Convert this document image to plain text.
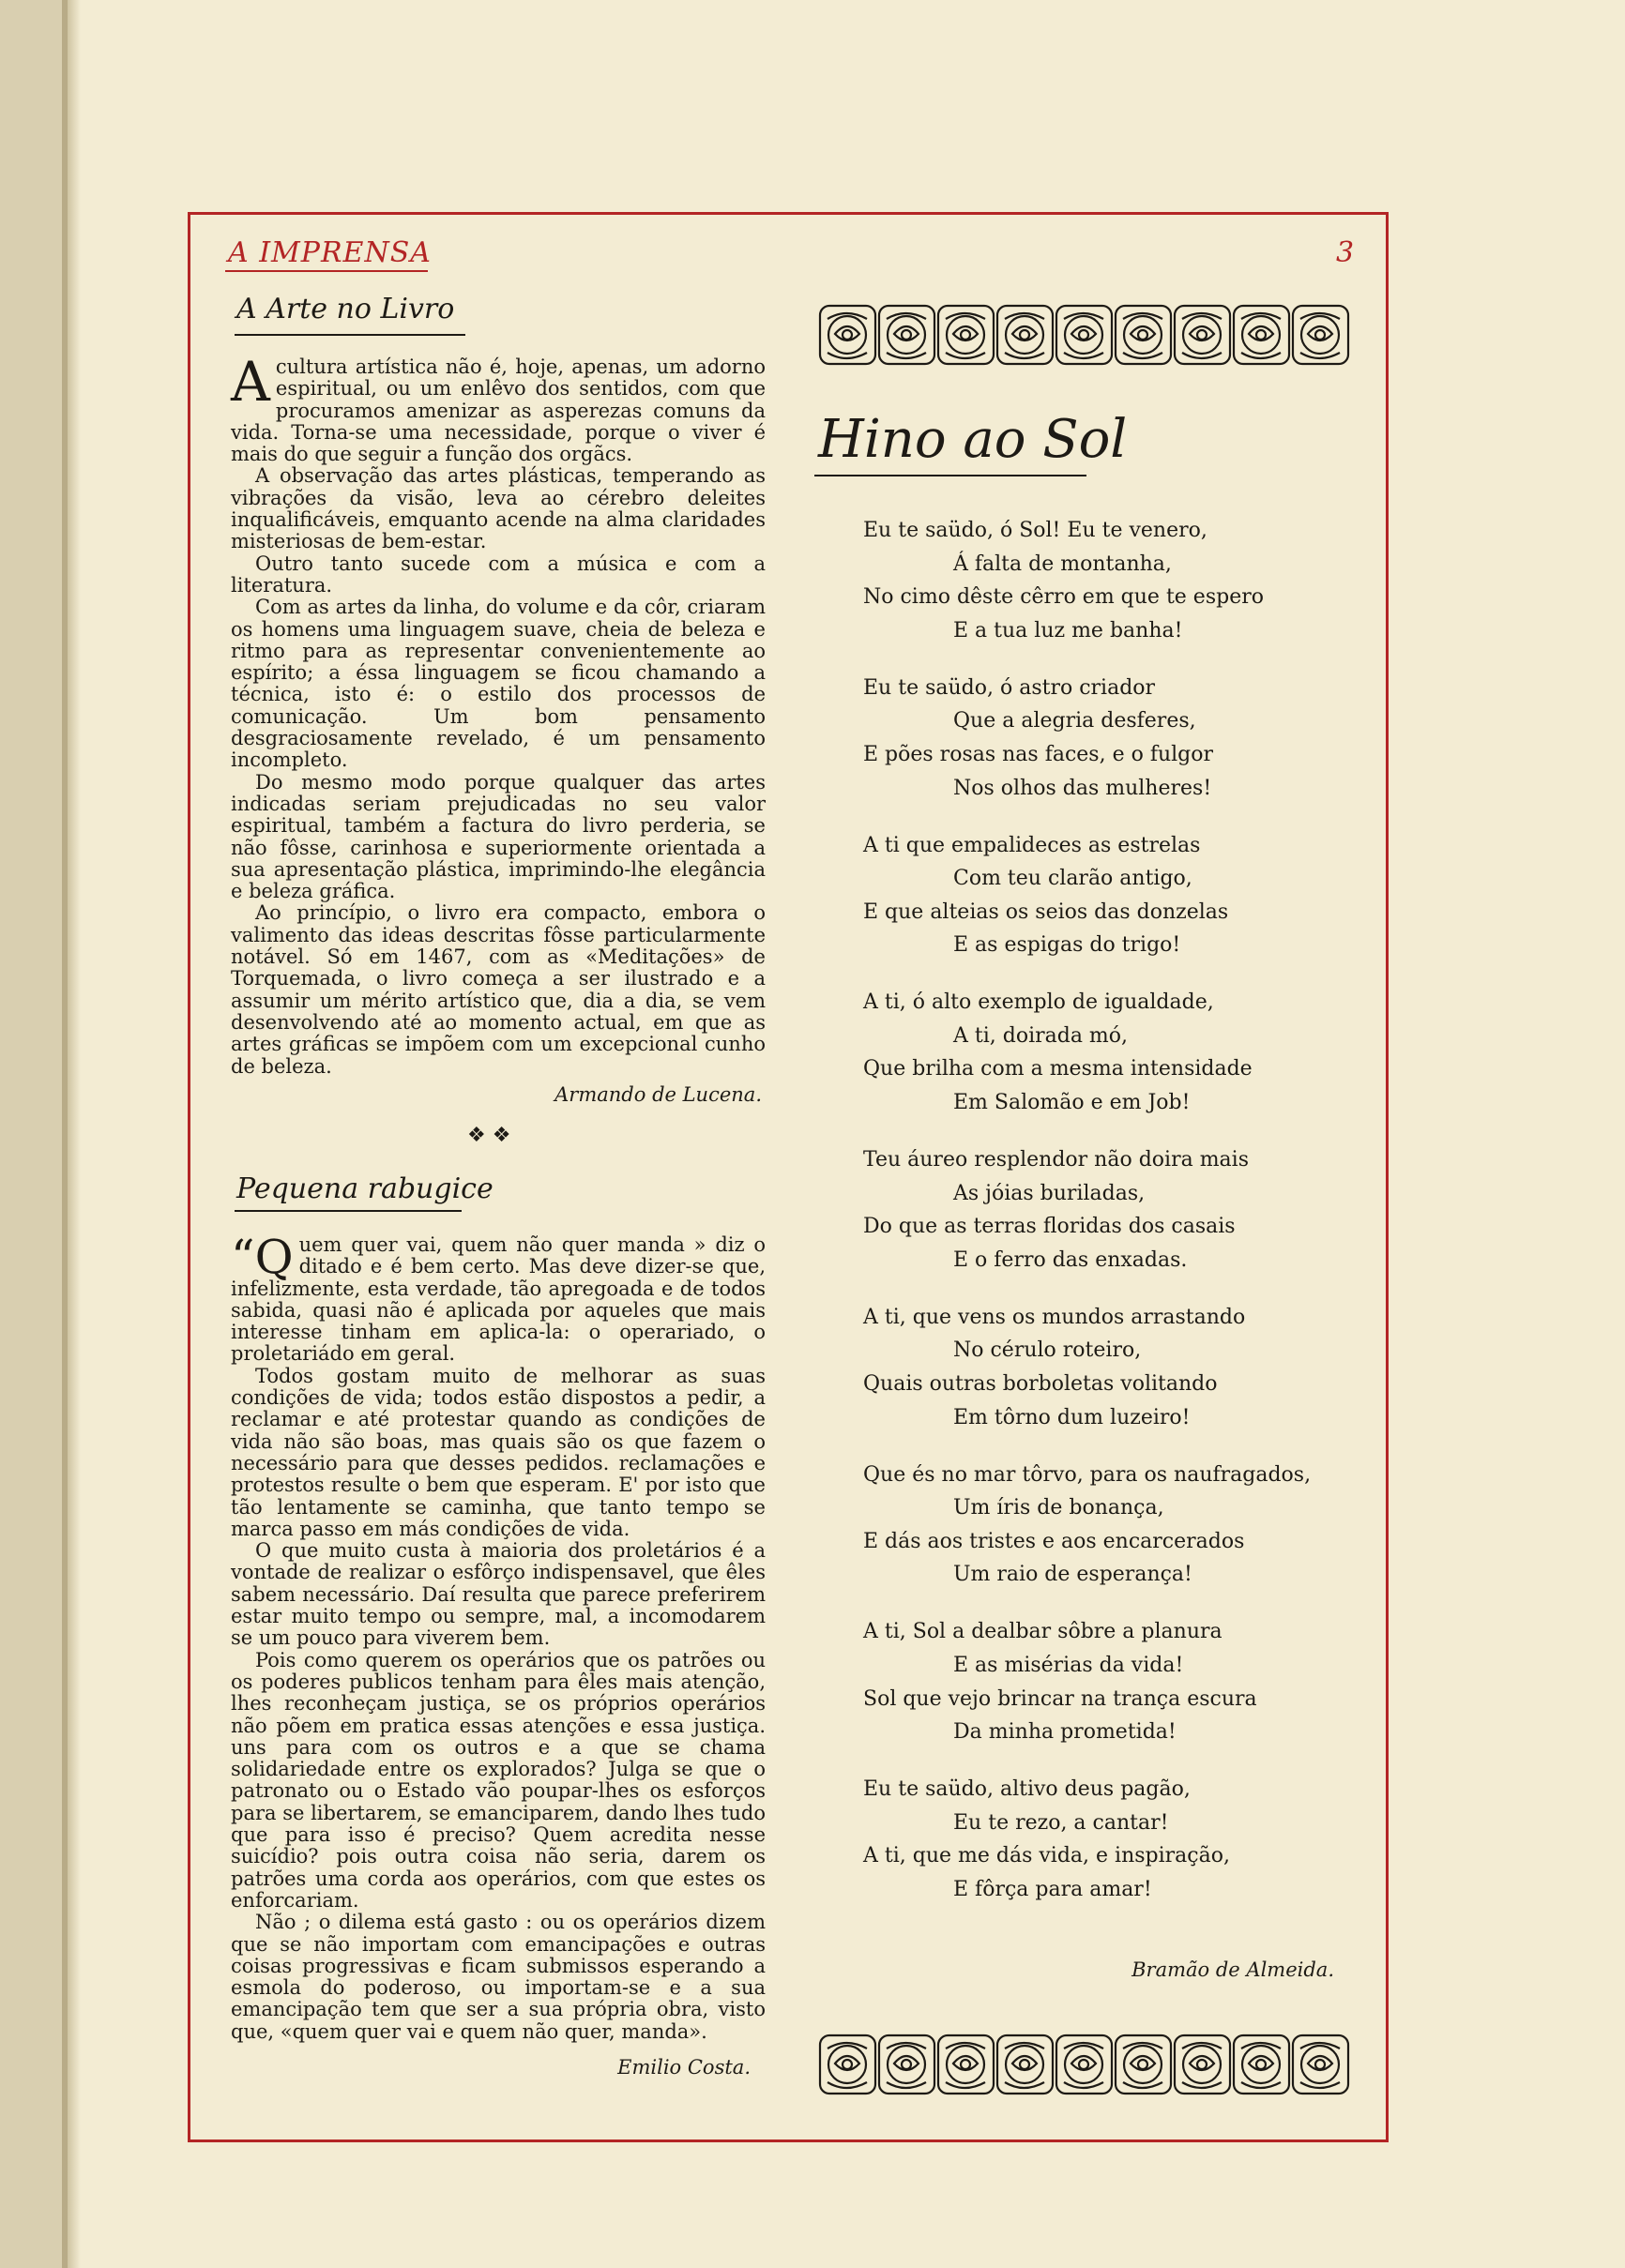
A IMPRENSA	3
A Arte no Livro

Acultura artística não é, hoje, apenas, um adorno espiritual, ou um enlêvo dos sentidos, com que procuramos amenizar as asperezas comuns da vida. Torna-se uma necessidade, porque o viver é mais do que seguir a função dos orgãcs.

A observação das artes plásticas, temperando as vibrações da visão, leva ao cérebro deleites inqualificáveis, emquanto acende na alma claridades misteriosas de bem-estar.

Outro tanto sucede com a música e com a literatura.

Com as artes da linha, do volume e da côr, criaram os homens uma linguagem suave, cheia de beleza e ritmo para as representar convenientemente ao espírito; a éssa linguagem se ficou chamando a técnica, isto é: o estilo dos processos de comunicação. Um bom pensamento desgraciosamente revelado, é um pensamento incompleto.

Do mesmo modo porque qualquer das artes indicadas seriam prejudicadas no seu valor espiritual, também a factura do livro perderia, se não fôsse, carinhosa e superiormente orientada a sua apresentação plástica, imprimindo-lhe elegância e beleza gráfica.

Ao princípio, o livro era compacto, embora o valimento das ideas descritas fôsse particularmente notável. Só em 1467, com as «Meditações» de Torquemada, o livro começa a ser ilustrado e a assumir um mérito artístico que, dia a dia, se vem desenvolvendo até ao momento actual, em que as artes gráficas se impõem com um excepcional cunho de beleza.

Armando de Lucena.
❖ ❖
Pequena rabugice

“Q uem quer vai, quem não quer manda » diz o ditado e é bem certo. Mas deve dizer-se que, infelizmente, esta verdade, tão apregoada e de todos sabida, quasi não é aplicada por aqueles que mais interesse tinham em aplica-la: o operariado, o proletariádo em geral.

Todos gostam muito de melhorar as suas condições de vida; todos estão dispostos a pedir, a reclamar e até protestar quando as condições de vida não são boas, mas quais são os que fazem o necessário para que desses pedidos. reclamações e protestos resulte o bem que esperam. E' por isto que tão lentamente se caminha, que tanto tempo se marca passo em más condições de vida.

O que muito custa à maioria dos proletários é a vontade de realizar o esfôrço indispensavel, que êles sabem necessário. Daí resulta que parece preferirem estar muito tempo ou sempre, mal, a incomodarem se um pouco para viverem bem.

Pois como querem os operários que os patrões ou os poderes publicos tenham para êles mais atenção, lhes reconheçam justiça, se os próprios operários não põem em pratica essas atenções e essa justiça. uns para com os outros e a que se chama solidariedade entre os explorados? Julga se que o patronato ou o Estado vão poupar-lhes os esforços para se libertarem, se emanciparem, dando lhes tudo que para isso é preciso? Quem acredita nesse suicídio? pois outra coisa não seria, darem os patrões uma corda aos operários, com que estes os enforcariam.

Não ; o dilema está gasto : ou os operários dizem que se não importam com emancipações e outras coisas progressivas e ficam submissos esperando a esmola do poderoso, ou importam-se e a sua emancipação tem que ser a sua própria obra, visto que, «quem quer vai e quem não quer, manda».

Emilio Costa.
Hino ao Sol
Eu te saüdo, ó Sol! Eu te venero,
Á falta de montanha,
No cimo dêste cêrro em que te espero
E a tua luz me banha!
Eu te saüdo, ó astro criador
Que a alegria desferes,
E pões rosas nas faces, e o fulgor
Nos olhos das mulheres!
A ti que empalideces as estrelas
Com teu clarão antigo,
E que alteias os seios das donzelas
E as espigas do trigo!
A ti, ó alto exemplo de igualdade,
A ti, doirada mó,
Que brilha com a mesma intensidade
Em Salomão e em Job!
Teu áureo resplendor não doira mais
As jóias buriladas,
Do que as terras floridas dos casais
E o ferro das enxadas.
A ti, que vens os mundos arrastando
No cérulo roteiro,
Quais outras borboletas volitando
Em tôrno dum luzeiro!
Que és no mar tôrvo, para os naufragados,
Um íris de bonança,
E dás aos tristes e aos encarcerados
Um raio de esperança!
A ti, Sol a dealbar sôbre a planura
E as misérias da vida!
Sol que vejo brincar na trança escura
Da minha prometida!
Eu te saüdo, altivo deus pagão,
Eu te rezo, a cantar!
A ti, que me dás vida, e inspiração,
E fôrça para amar!
Bramão de Almeida.
